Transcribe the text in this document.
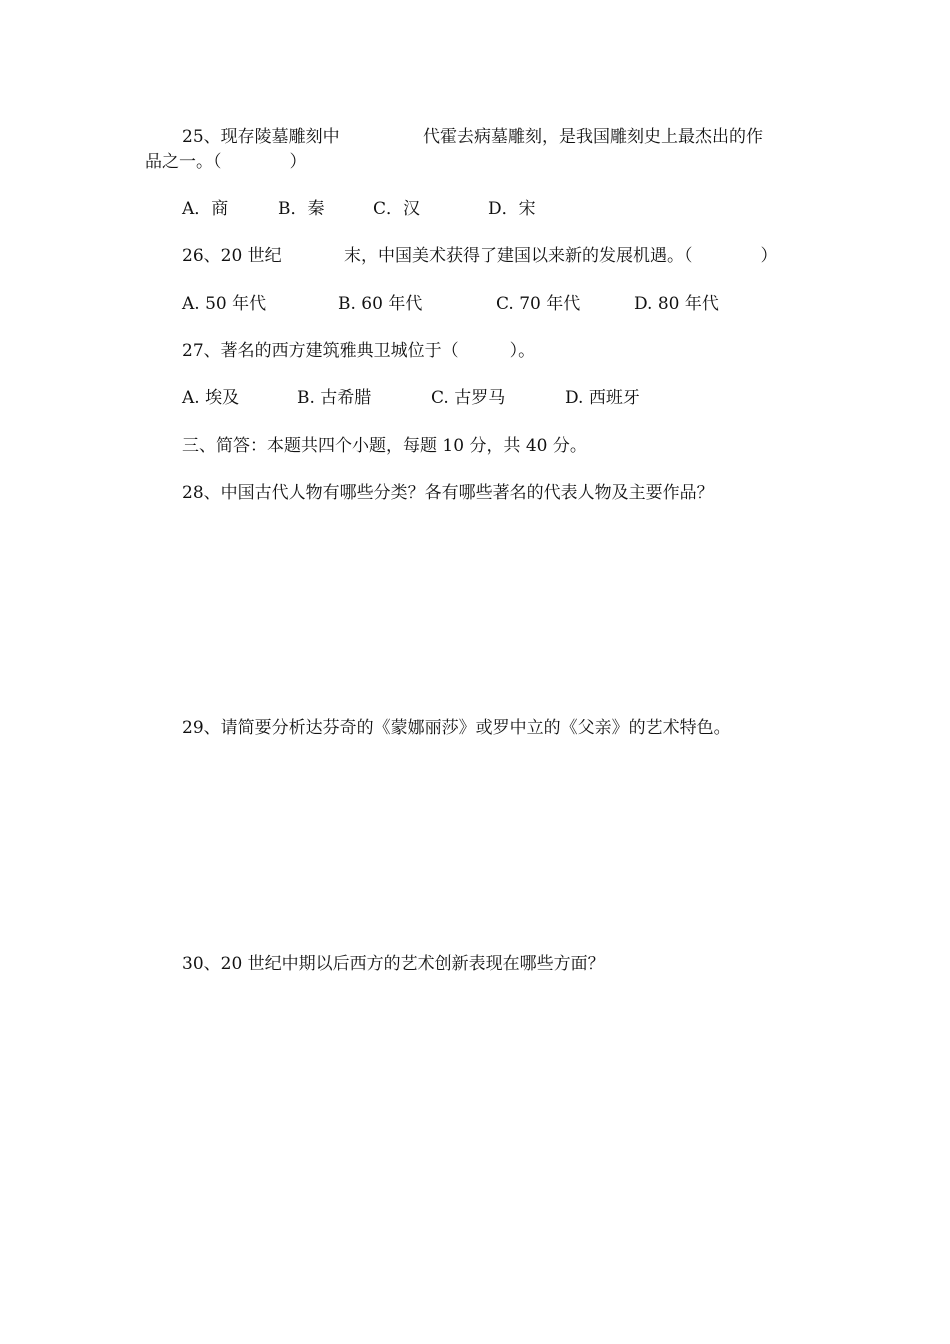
25、现存陵墓雕刻中	代霍去病墓雕刻，是我国雕刻史上最杰出的作
品之一。（　　　　）
A．商	B．秦	C．汉	D．宋
26、20 世纪	末，中国美术获得了建国以来新的发展机遇。（　　　　）
A. 50 年代	B. 60 年代	C. 70 年代	D. 80 年代
27、著名的西方建筑雅典卫城位于（　　　）。
A. 埃及	B. 古希腊	C. 古罗马	D. 西班牙
三、简答：本题共四个小题，每题 10 分，共 40 分。
28、中国古代人物有哪些分类？各有哪些著名的代表人物及主要作品？
29、请简要分析达芬奇的《蒙娜丽莎》或罗中立的《父亲》的艺术特色。
30、20 世纪中期以后西方的艺术创新表现在哪些方面？
